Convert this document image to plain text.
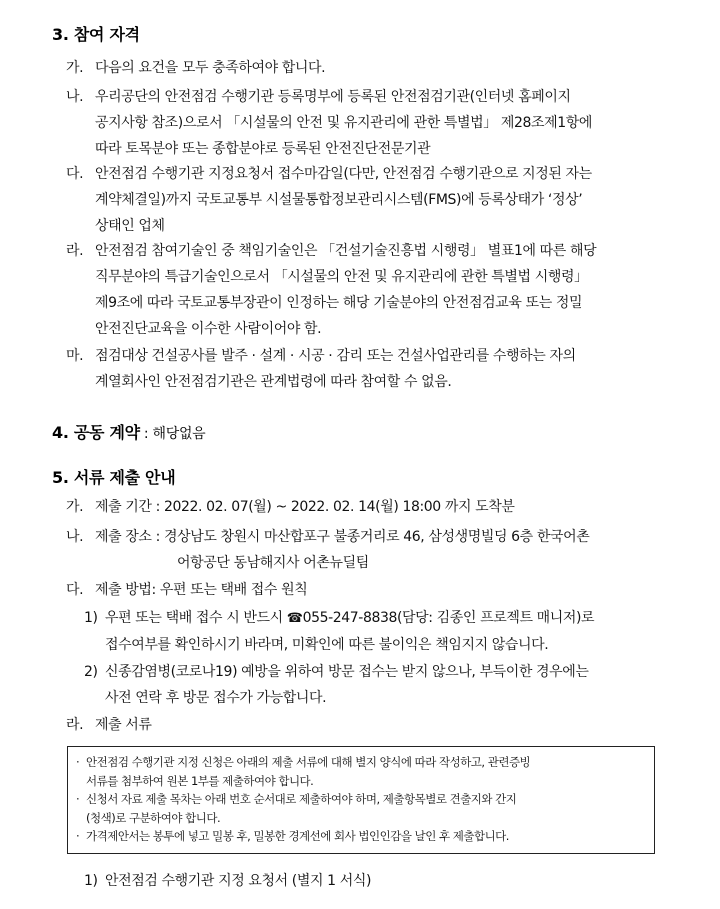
3. 참여 자격
가. 다음의 요건을 모두 충족하여야 합니다.
나. 우리공단의 안전점검 수행기관 등록명부에 등록된 안전점검기관(인터넷 홈페이지
공지사항 참조)으로서 「시설물의 안전 및 유지관리에 관한 특별법」 제28조제1항에
따라 토목분야 또는 종합분야로 등록된 안전진단전문기관
다. 안전점검 수행기관 지정요청서 접수마감일(다만, 안전점검 수행기관으로 지정된 자는
계약체결일)까지 국토교통부 시설물통합정보관리시스템(FMS)에 등록상태가 ‘정상’
상태인 업체
라. 안전점검 참여기술인 중 책임기술인은 「건설기술진흥법 시행령」 별표1에 따른 해당
직무분야의 특급기술인으로서 「시설물의 안전 및 유지관리에 관한 특별법 시행령」
제9조에 따라 국토교통부장관이 인정하는 해당 기술분야의 안전점검교육 또는 정밀
안전진단교육을 이수한 사람이어야 함.
마. 점검대상 건설공사를 발주 · 설계 · 시공 · 감리 또는 건설사업관리를 수행하는 자의
계열회사인 안전점검기관은 관계법령에 따라 참여할 수 없음.
4. 공동 계약 : 해당없음
5. 서류 제출 안내
가. 제출 기간 : 2022. 02. 07(월) ~ 2022. 02. 14(월) 18:00 까지 도착분
나. 제출 장소 : 경상남도 창원시 마산합포구 불종거리로 46, 삼성생명빌딩 6층 한국어촌
어항공단 동남해지사 어촌뉴딜팀
다. 제출 방법: 우편 또는 택배 접수 원칙
1) 우편 또는 택배 접수 시 반드시 ☎055-247-8838(담당: 김종인 프로젝트 매니저)로
접수여부를 확인하시기 바라며, 미확인에 따른 불이익은 책임지지 않습니다.
2) 신종감염병(코로나19) 예방을 위하여 방문 접수는 받지 않으나, 부득이한 경우에는
사전 연락 후 방문 접수가 가능합니다.
라. 제출 서류
· 안전점검 수행기관 지정 신청은 아래의 제출 서류에 대해 별지 양식에 따라 작성하고, 관련증빙
서류를 첨부하여 원본 1부를 제출하여야 합니다.
· 신청서 자료 제출 목차는 아래 번호 순서대로 제출하여야 하며, 제출항목별로 견출지와 간지
(청색)로 구분하여야 합니다.
· 가격제안서는 봉투에 넣고 밀봉 후, 밀봉한 경계선에 회사 법인인감을 날인 후 제출합니다.
1) 안전점검 수행기관 지정 요청서 (별지 1 서식)
